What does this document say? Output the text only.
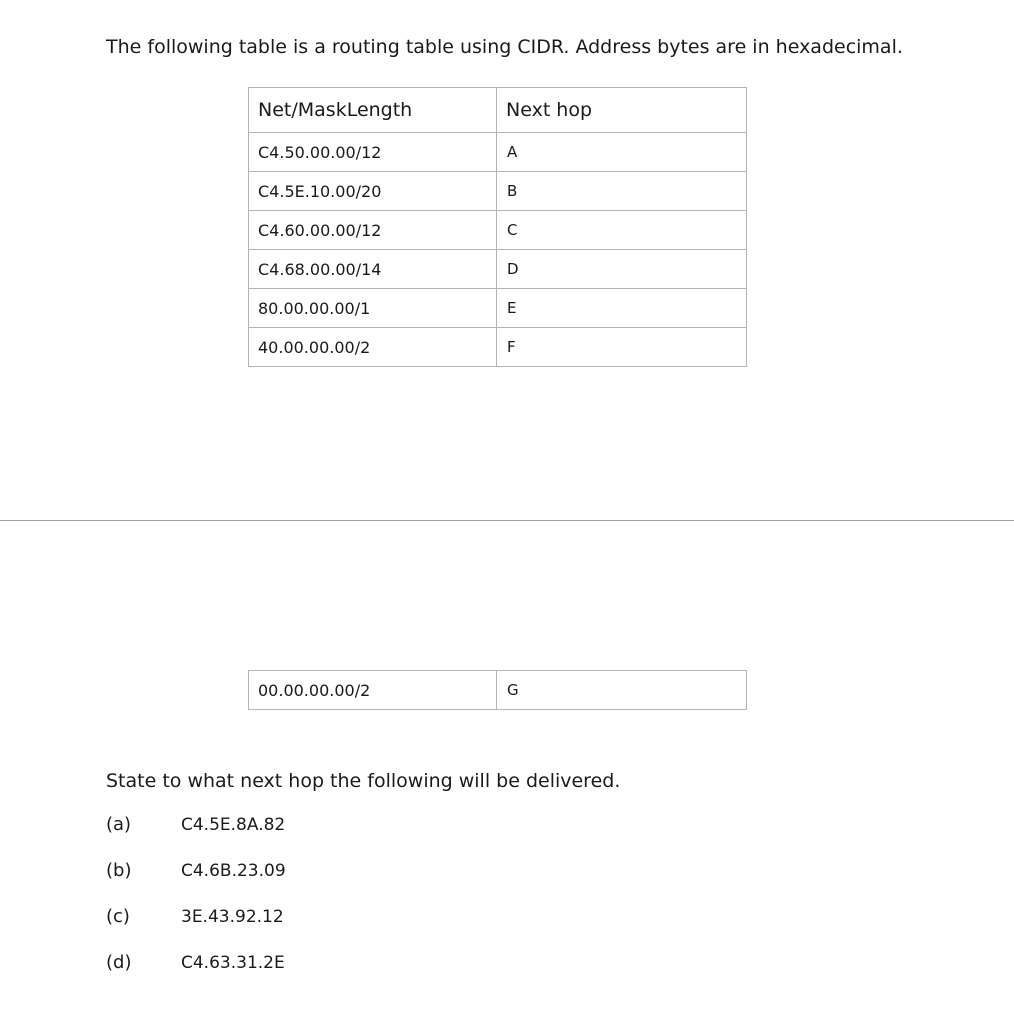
The following table is a routing table using CIDR. Address bytes are in hexadecimal.

Net/MaskLength	Next hop
C4.50.00.00/12	A
C4.5E.10.00/20	B
C4.60.00.00/12	C
C4.68.00.00/14	D
80.00.00.00/1	E
40.00.00.00/2	F
00.00.00.00/2	G

State to what next hop the following will be delivered.

(a)	C4.5E.8A.82
(b)	C4.6B.23.09
(c)	3E.43.92.12
(d)	C4.63.31.2E
